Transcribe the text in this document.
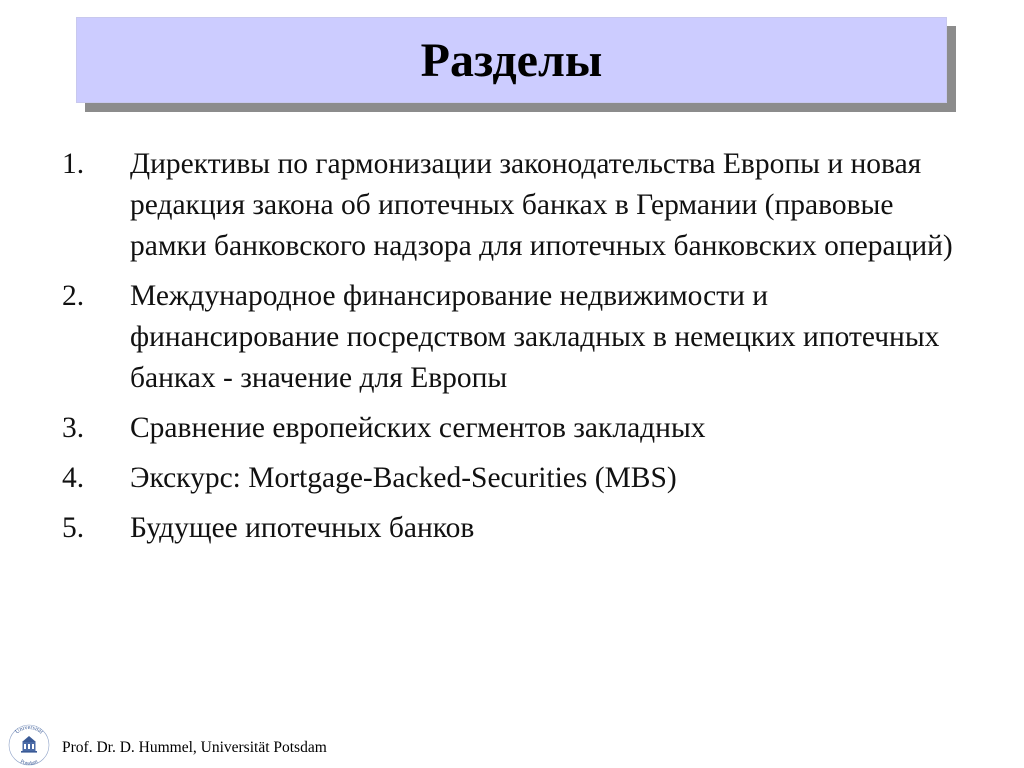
Разделы
1.	Директивы по гармонизации законодательства Европы и новая редакция закона об ипотечных банках в Германии (правовые рамки банковского надзора для ипотечных банковских операций)
2.	Международное финансирование недвижимости и финансирование посредством закладных в немецких ипотечных банках - значение для Европы
3.	Сравнение европейских сегментов закладных
4.	Экскурс: Mortgage-Backed-Securities (MBS)
5.	Будущее ипотечных банков
Universität
Potsdam
Prof. Dr. D. Hummel, Universität Potsdam
